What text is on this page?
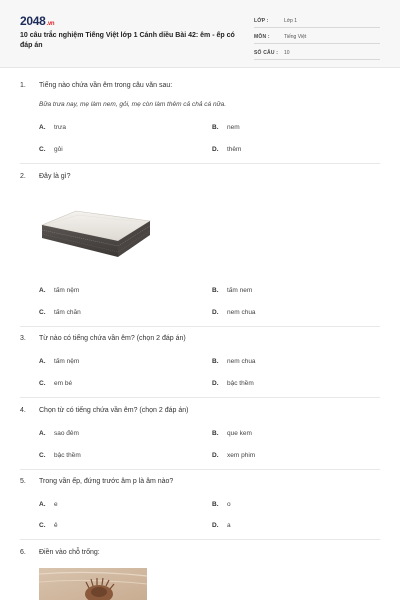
2048.vn
10 câu trắc nghiệm Tiếng Việt lớp 1 Cánh diều Bài 42: êm - ếp có đáp án
LỚP :	Lớp 1
MÔN :	Tiếng Việt
SỐ CÂU :	10
1. Tiếng nào chứa vần êm trong câu văn sau:
Bữa trưa nay, mẹ làm nem, gỏi, mẹ còn làm thêm cả chả cá nữa.
A. trưa	B. nem
C. gỏi	D. thêm
2. Đây là gì?
A. tấm nệm	B. tấm nem
C. tấm chăn	D. nem chua
3. Từ nào có tiếng chứa vần êm? (chọn 2 đáp án)
A. tấm nệm	B. nem chua
C. em bé	D. bậc thềm
4. Chọn từ có tiếng chứa vần êm? (chọn 2 đáp án)
A. sao đêm	B. que kem
C. bậc thềm	D. xem phim
5. Trong vần ếp, đứng trước âm p là âm nào?
A. e	B. o
C. ê	D. a
6. Điền vào chỗ trống:
